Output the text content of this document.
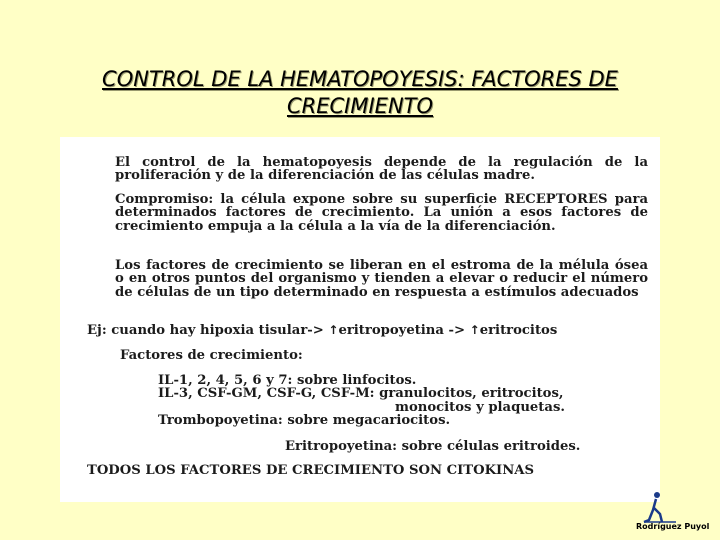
CONTROL DE LA HEMATOPOYESIS: FACTORES DE
CRECIMIENTO

El control de la hematopoyesis depende de la regulación de la proliferación y de la diferenciación de las células madre.

Compromiso: la célula expone sobre su superficie RECEPTORES para determinados factores de crecimiento. La unión a esos factores de crecimiento empuja a la célula a la vía de la diferenciación.

Los factores de crecimiento se liberan en el estroma de la mélula ósea o en otros puntos del organismo y tienden a elevar o reducir el número de células de un tipo determinado en respuesta a estímulos adecuados

Ej: cuando hay hipoxia tisular-> ↑eritropoyetina -> ↑eritrocitos
Factores de crecimiento:
IL-1, 2, 4, 5, 6 y 7: sobre linfocitos.
IL-3, CSF-GM, CSF-G, CSF-M: granulocitos, eritrocitos,
monocitos y plaquetas.
Trombopoyetina: sobre megacariocitos.
Eritropoyetina: sobre células eritroides.
TODOS LOS FACTORES DE CRECIMIENTO SON CITOKINAS
Rodríguez Puyol
